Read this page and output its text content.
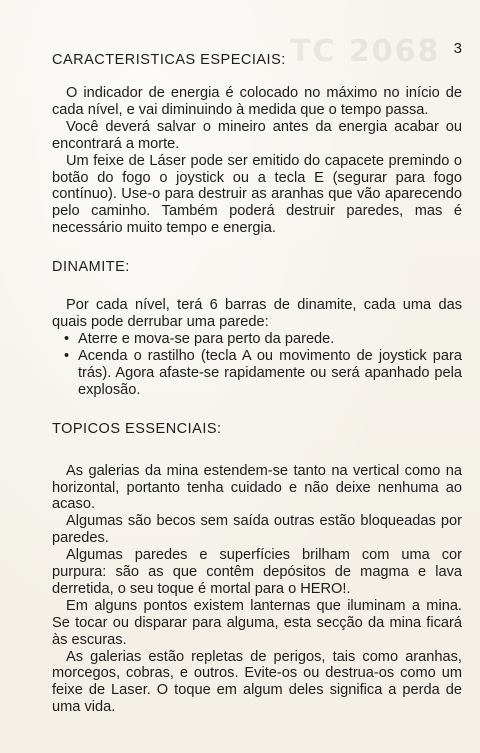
TC 2068 3
CARACTERISTICAS ESPECIAIS:

O indicador de energia é colocado no máximo no início de cada nível, e vai diminuindo à medida que o tempo passa.

Você deverá salvar o mineiro antes da energia acabar ou encontrará a morte.

Um feixe de Láser pode ser emitido do capacete premindo o botão do fogo o joystick ou a tecla E (segurar para fogo contínuo). Use-o para destruir as aranhas que vão aparecendo pelo caminho. Também poderá destruir paredes, mas é necessário muito tempo e energia.

DINAMITE:

Por cada nível, terá 6 barras de dinamite, cada uma das quais pode derrubar uma parede:

• Aterre e mova-se para perto da parede.
• Acenda o rastilho (tecla A ou movimento de joystick para trás). Agora afaste-se rapidamente ou será apanhado pela explosão.
TOPICOS ESSENCIAIS:

As galerias da mina estendem-se tanto na vertical como na horizontal, portanto tenha cuidado e não deixe nenhuma ao acaso.

Algumas são becos sem saída outras estão bloqueadas por paredes.

Algumas paredes e superfícies brilham com uma cor purpura: são as que contêm depósitos de magma e lava derretida, o seu toque é mortal para o HERO!.

Em alguns pontos existem lanternas que iluminam a mina. Se tocar ou disparar para alguma, esta secção da mina ficará às escuras.

As galerias estão repletas de perigos, tais como aranhas, morcegos, cobras, e outros. Evite-os ou destrua-os como um feixe de Laser. O toque em algum deles significa a perda de uma vida.
